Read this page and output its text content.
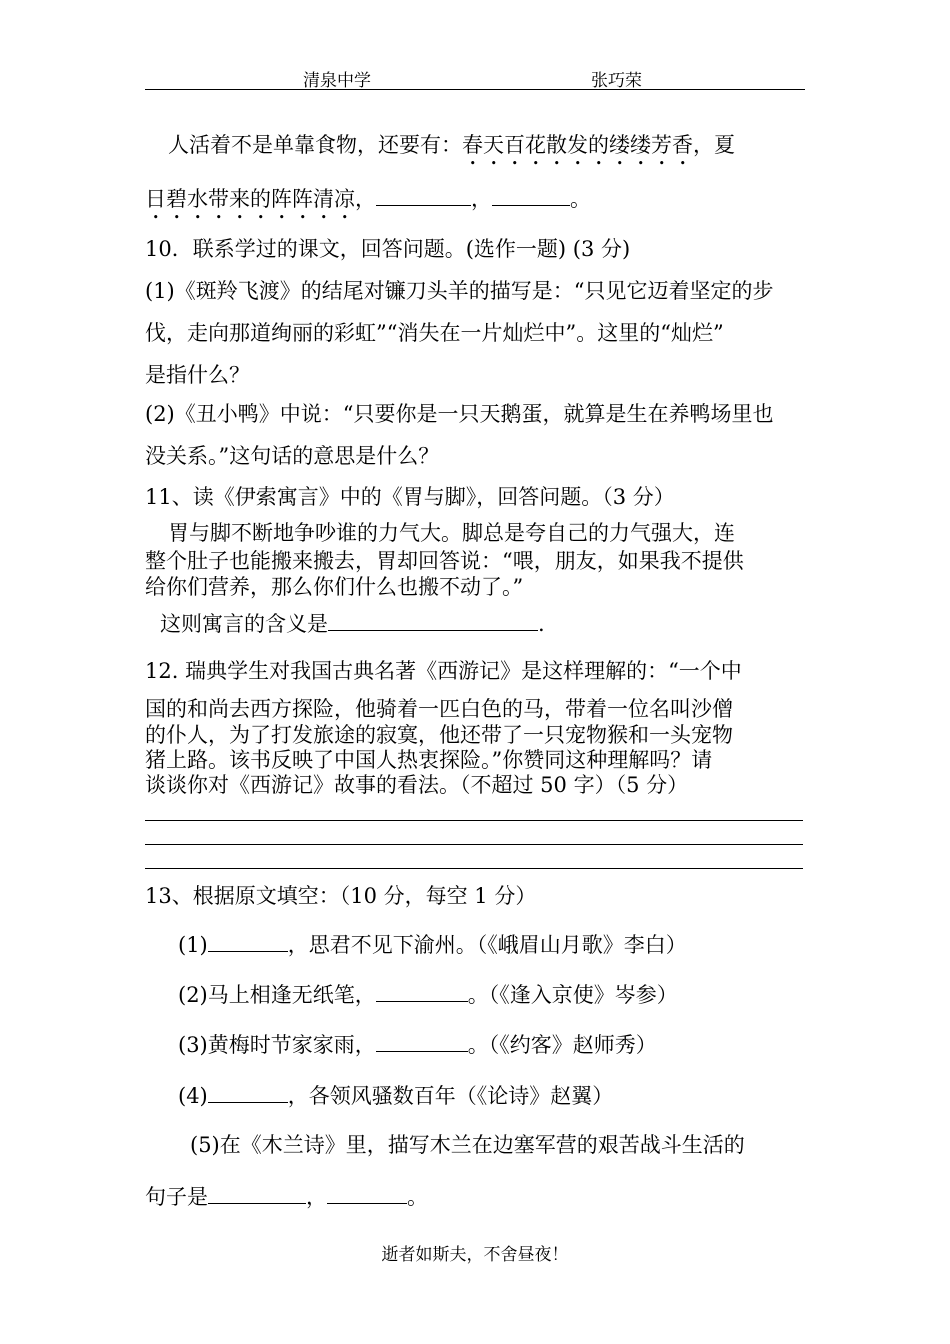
清泉中学	张巧荣
人活着不是单靠食物，还要有：春天百花散发的缕缕芳香，夏
日碧水带来的阵阵清凉，	，	。
10．联系学过的课文，回答问题。(选作一题) (3 分)
(1)《斑羚飞渡》的结尾对镰刀头羊的描写是：“只见它迈着坚定的步
伐，走向那道绚丽的彩虹”“消失在一片灿烂中”。这里的“灿烂”
是指什么？
(2)《丑小鸭》中说：“只要你是一只天鹅蛋，就算是生在养鸭场里也
没关系。”这句话的意思是什么？
11、读《伊索寓言》中的《胃与脚》，回答问题。（3 分）
胃与脚不断地争吵谁的力气大。脚总是夸自己的力气强大，连
整个肚子也能搬来搬去，胃却回答说：“喂，朋友，如果我不提供
给你们营养，那么你们什么也搬不动了。”
这则寓言的含义是	.
12. 瑞典学生对我国古典名著《西游记》是这样理解的：“一个中
国的和尚去西方探险，他骑着一匹白色的马，带着一位名叫沙僧
的仆人，为了打发旅途的寂寞，他还带了一只宠物猴和一头宠物
猪上路。该书反映了中国人热衷探险。”你赞同这种理解吗？请
谈谈你对《西游记》故事的看法。（不超过 50 字）（5 分）
13、根据原文填空：（10 分，每空 1 分）
(1)	，思君不见下渝州。（《峨眉山月歌》李白）
(2)马上相逢无纸笔，	。（《逢入京使》岑参）
(3)黄梅时节家家雨，	。（《约客》赵师秀）
(4)	，各领风骚数百年（《论诗》赵翼）
(5)在《木兰诗》里，描写木兰在边塞军营的艰苦战斗生活的
句子是	，	。
逝者如斯夫，不舍昼夜！
